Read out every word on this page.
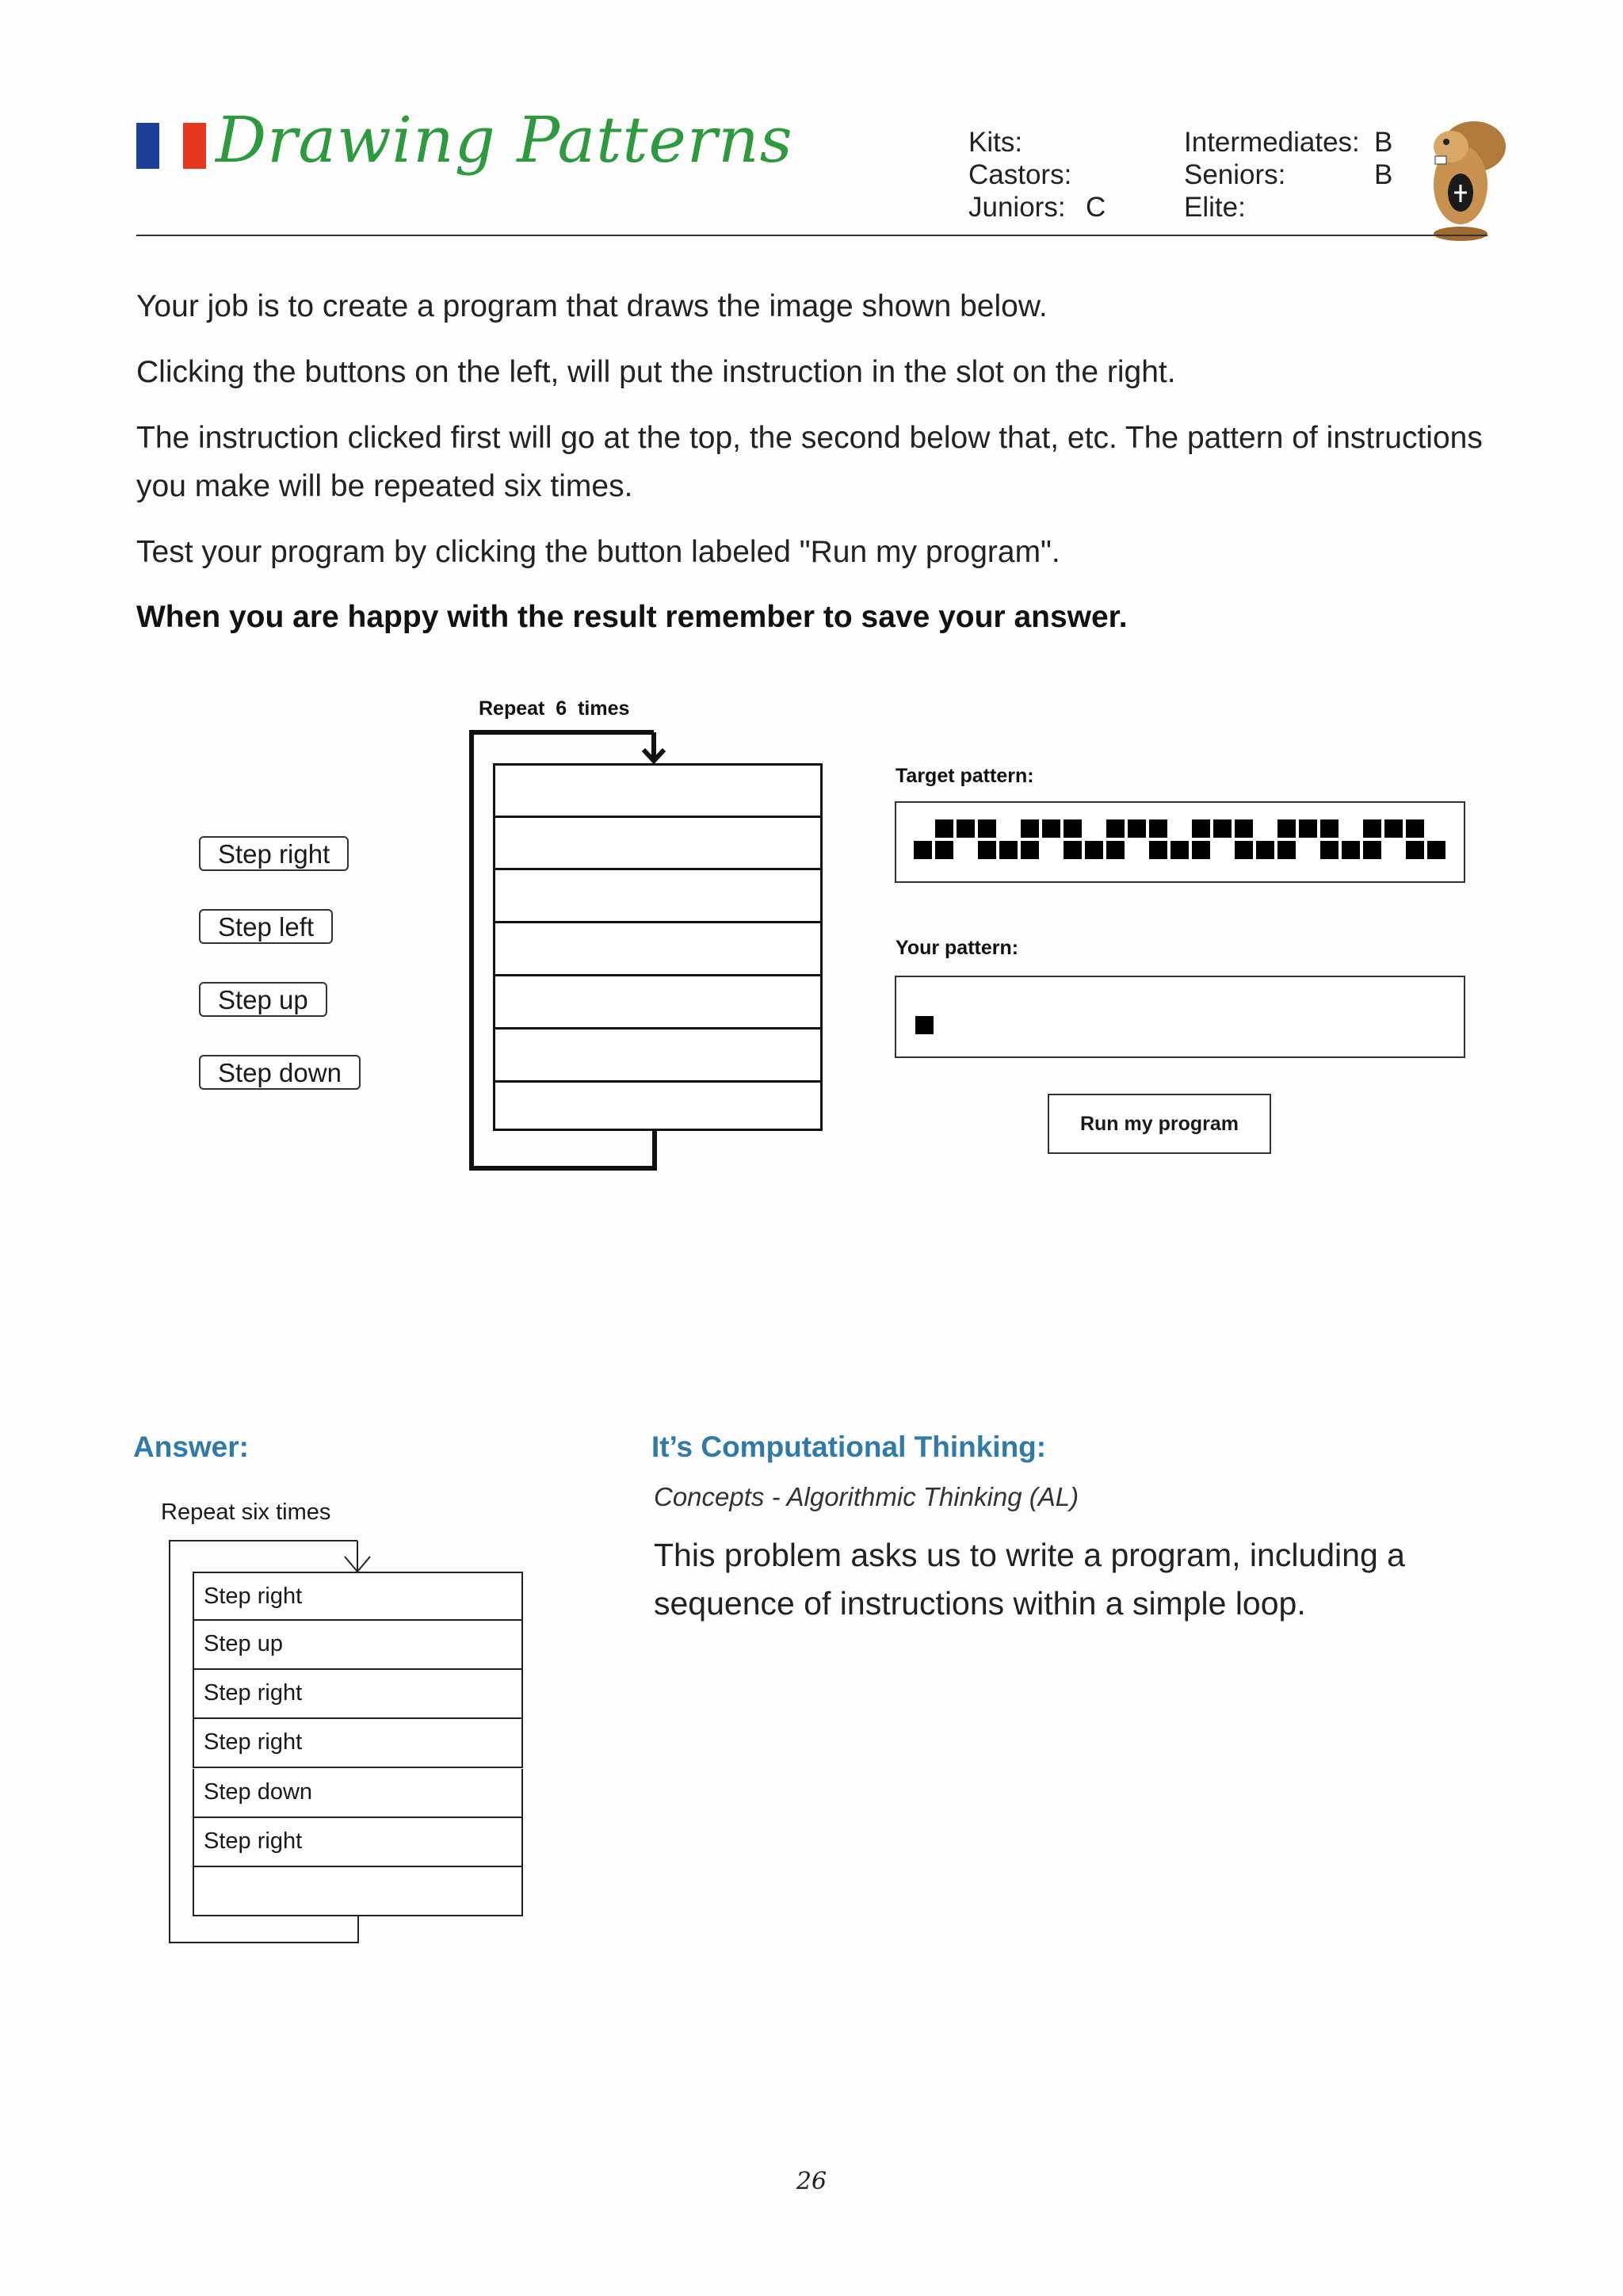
Drawing Patterns	Kits:
Castors:
Juniors: C
Intermediates: B
Seniors:	B
Elite:
Your job is to create a program that draws the image shown below.
Clicking the buttons on the left, will put the instruction in the slot on the right.
The instruction clicked first will go at the top, the second below that, etc. The pattern of instructions you make will be repeated six times.
Test your program by clicking the button labeled "Run my program".
When you are happy with the result remember to save your answer.
Repeat 6 times
Step right
Step left
Step up
Step down
Target pattern:
Your pattern:
Run my program
Answer:
Repeat six times
Step right
Step up
Step right
Step right
Step down
Step right
It’s Computational Thinking:
Concepts - Algorithmic Thinking (AL)
This problem asks us to write a program, including a sequence of instructions within a simple loop.
26
